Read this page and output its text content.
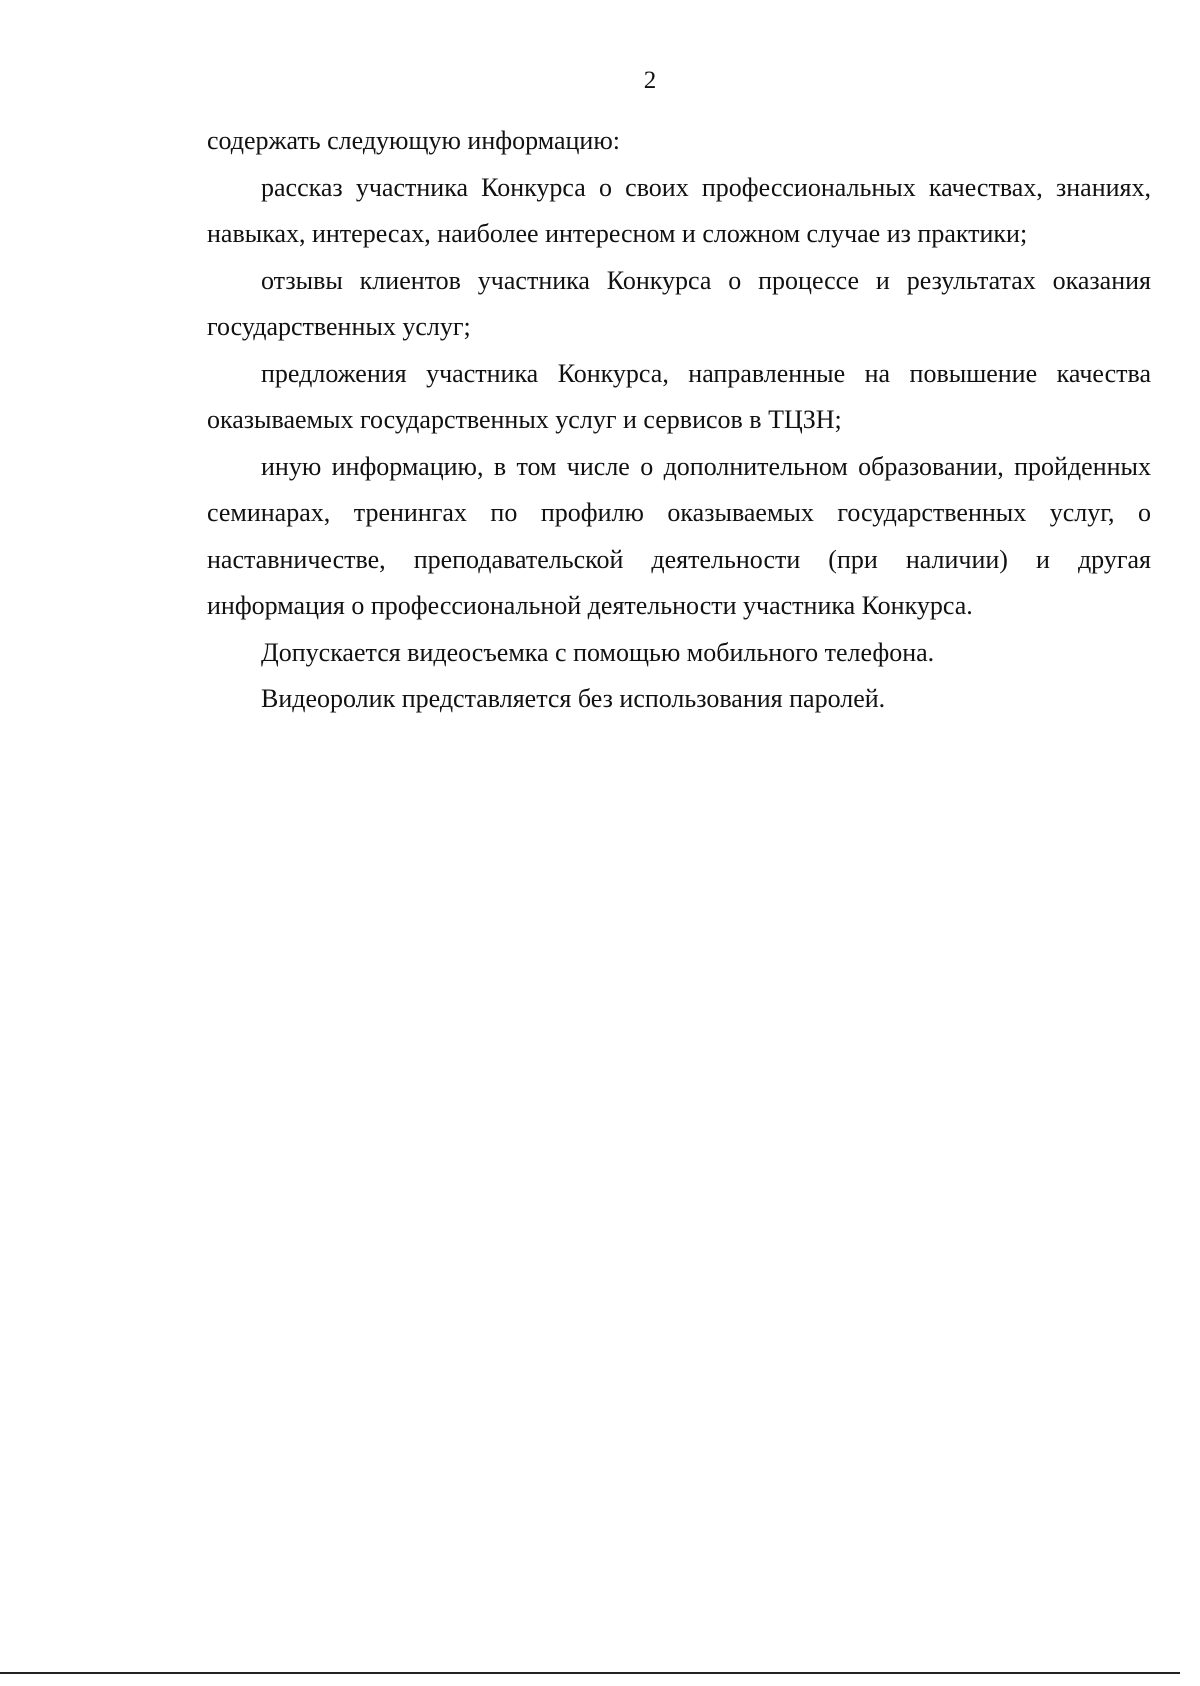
2

содержать следующую информацию:

рассказ участника Конкурса о своих профессиональных качествах, знаниях, навыках, интересах, наиболее интересном и сложном случае из практики;

отзывы клиентов участника Конкурса о процессе и результатах оказания государственных услуг;

предложения участника Конкурса, направленные на повышение качества оказываемых государственных услуг и сервисов в ТЦЗН;

иную информацию, в том числе о дополнительном образовании, пройденных семинарах, тренингах по профилю оказываемых государственных услуг, о наставничестве, преподавательской деятельности (при наличии) и другая информация о профессиональной деятельности участника Конкурса.

Допускается видеосъемка с помощью мобильного телефона.

Видеоролик представляется без использования паролей.
